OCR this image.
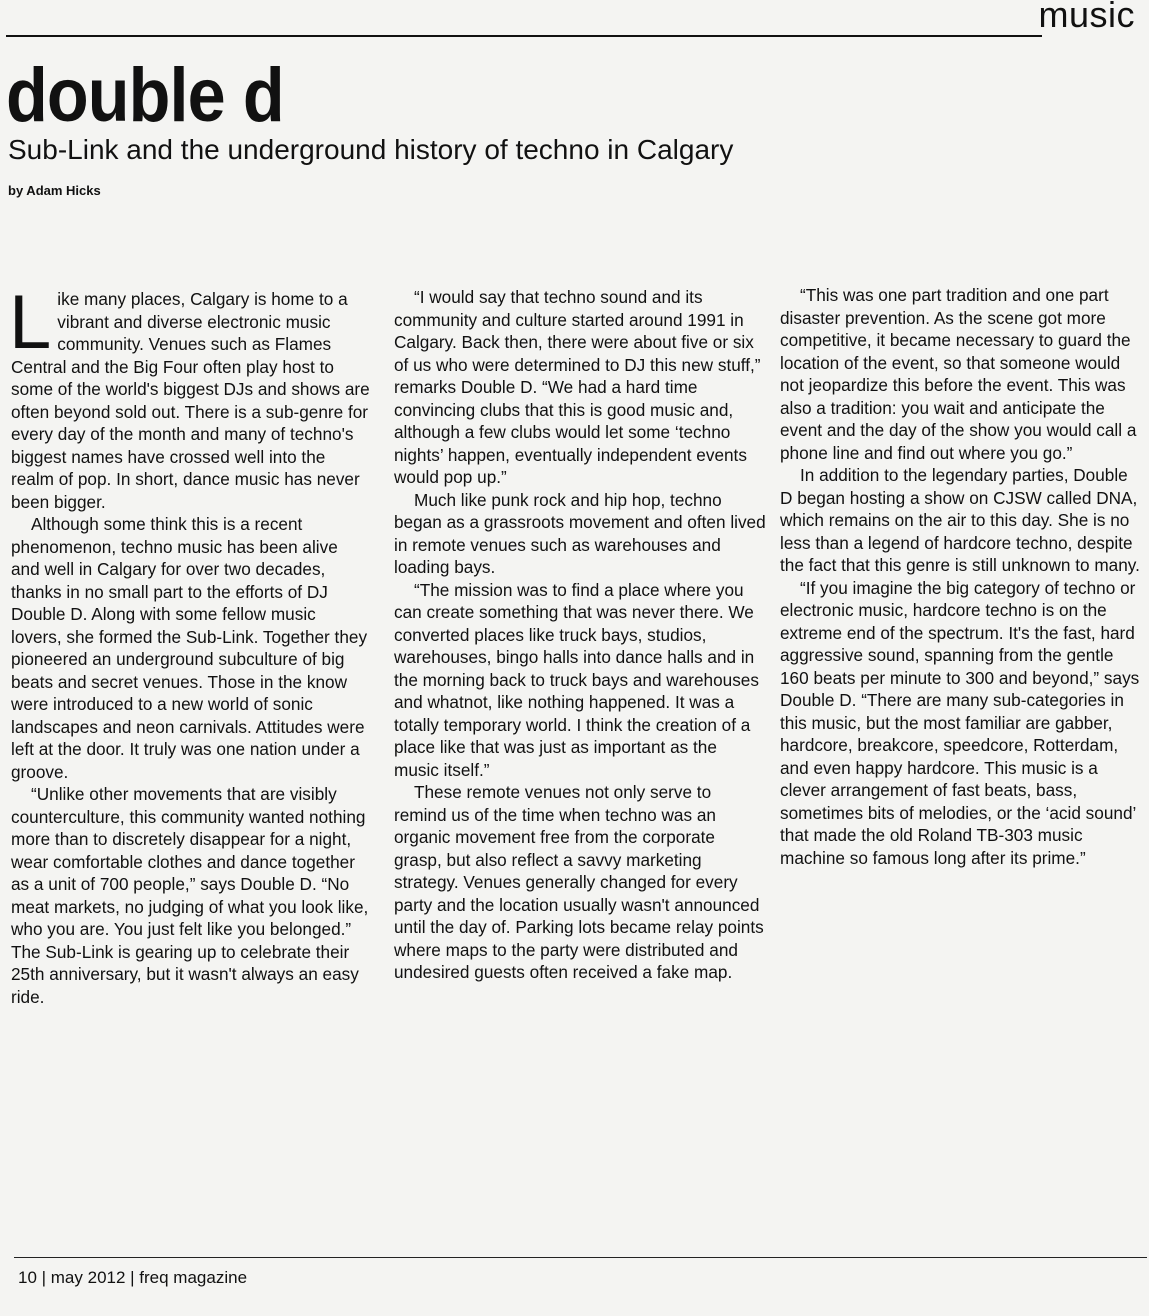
music
double d
Sub-Link and the underground history of techno in Calgary
by Adam Hicks

Like many places, Calgary is home to a vibrant and diverse electronic music community. Venues such as Flames Central and the Big Four often play host to some of the world's biggest DJs and shows are often beyond sold out. There is a sub-genre for every day of the month and many of techno's biggest names have crossed well into the realm of pop. In short, dance music has never been bigger.

Although some think this is a recent phenomenon, techno music has been alive and well in Calgary for over two decades, thanks in no small part to the efforts of DJ Double D. Along with some fellow music lovers, she formed the Sub-Link. Together they pioneered an underground subculture of big beats and secret venues. Those in the know were introduced to a new world of sonic landscapes and neon carnivals. Attitudes were left at the door. It truly was one nation under a groove.

“Unlike other movements that are visibly counterculture, this community wanted nothing more than to discretely disappear for a night, wear comfortable clothes and dance together as a unit of 700 people,” says Double D. “No meat markets, no judging of what you look like, who you are. You just felt like you belonged.” The Sub-Link is gearing up to celebrate their 25th anniversary, but it wasn't always an easy ride.

“I would say that techno sound and its community and culture started around 1991 in Calgary. Back then, there were about five or six of us who were determined to DJ this new stuff,” remarks Double D. “We had a hard time convincing clubs that this is good music and, although a few clubs would let some ‘techno nights’ happen, eventually independent events would pop up.”

Much like punk rock and hip hop, techno began as a grassroots movement and often lived in remote venues such as warehouses and loading bays.

“The mission was to find a place where you can create something that was never there. We converted places like truck bays, studios, warehouses, bingo halls into dance halls and in the morning back to truck bays and warehouses and whatnot, like nothing happened. It was a totally temporary world. I think the creation of a place like that was just as important as the music itself.”

These remote venues not only serve to remind us of the time when techno was an organic movement free from the corporate grasp, but also reflect a savvy marketing strategy. Venues generally changed for every party and the location usually wasn't announced until the day of. Parking lots became relay points where maps to the party were distributed and undesired guests often received a fake map.

“This was one part tradition and one part disaster prevention. As the scene got more competitive, it became necessary to guard the location of the event, so that someone would not jeopardize this before the event. This was also a tradition: you wait and anticipate the event and the day of the show you would call a phone line and find out where you go.”

In addition to the legendary parties, Double D began hosting a show on CJSW called DNA, which remains on the air to this day. She is no less than a legend of hardcore techno, despite the fact that this genre is still unknown to many.

“If you imagine the big category of techno or electronic music, hardcore techno is on the extreme end of the spectrum. It's the fast, hard aggressive sound, spanning from the gentle 160 beats per minute to 300 and beyond,” says Double D. “There are many sub-categories in this music, but the most familiar are gabber, hardcore, breakcore, speedcore, Rotterdam, and even happy hardcore. This music is a clever arrangement of fast beats, bass, sometimes bits of melodies, or the ‘acid sound’ that made the old Roland TB-303 music machine so famous long after its prime.”

10 | may 2012 | freq magazine
